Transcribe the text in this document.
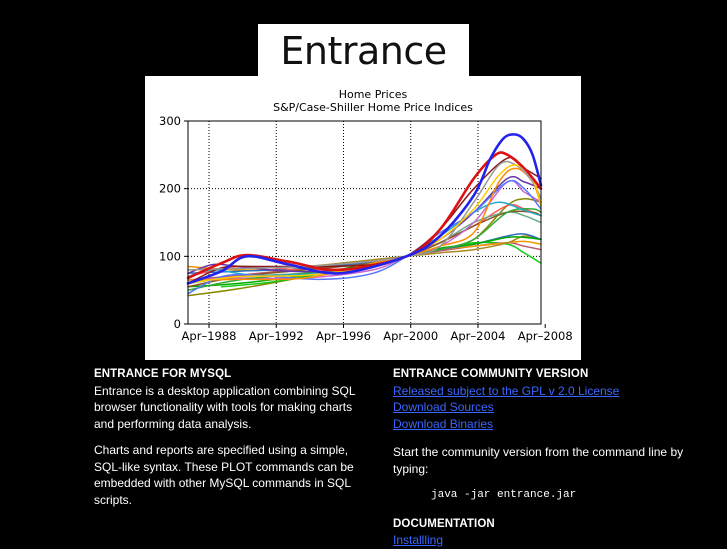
Entrance
Home Prices
S&P/Case-Shiller Home Price Indices
Apr–1988 Apr–1992 Apr–1996 Apr–2000 Apr–2004 Apr–2008
0
100
200
300

ENTRANCE FOR MYSQL

Entrance is a desktop application combining SQL browser functionality with tools for making charts and performing data analysis.

Charts and reports are specified using a simple, SQL-like syntax. These PLOT commands can be embedded with other MySQL commands in SQL scripts.

ENTRANCE COMMUNITY VERSION

Released subject to the GPL v 2.0 License
Download Sources
Download Binaries

Start the community version from the command line by typing:

java -jar entrance.jar

DOCUMENTATION

Installling
